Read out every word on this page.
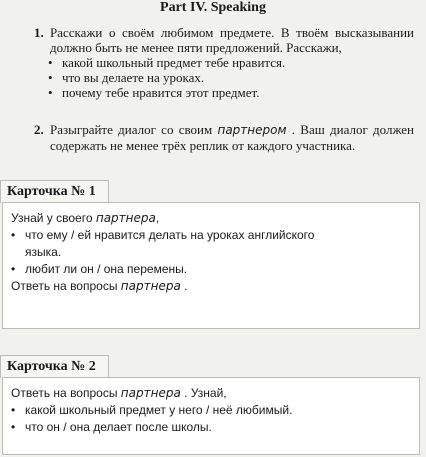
Part IV. Speaking
1. Расскажи о своём любимом предмете. В твоём высказывании должно быть не менее пяти предложений. Расскажи,
• какой школьный предмет тебе нравится.
• что вы делаете на уроках.
• почему тебе нравится этот предмет.
2. Разыграйте диалог со своим партнером . Ваш диалог должен содержать не менее трёх реплик от каждого участника.
Карточка № 1
Узнай у своего партнера,
• что ему / ей нравится делать на уроках английского
языка.
• любит ли он / она перемены.
Ответь на вопросы партнера .
Карточка № 2
Ответь на вопросы партнера . Узнай,
• какой школьный предмет у него / неё любимый.
• что он / она делает после школы.
